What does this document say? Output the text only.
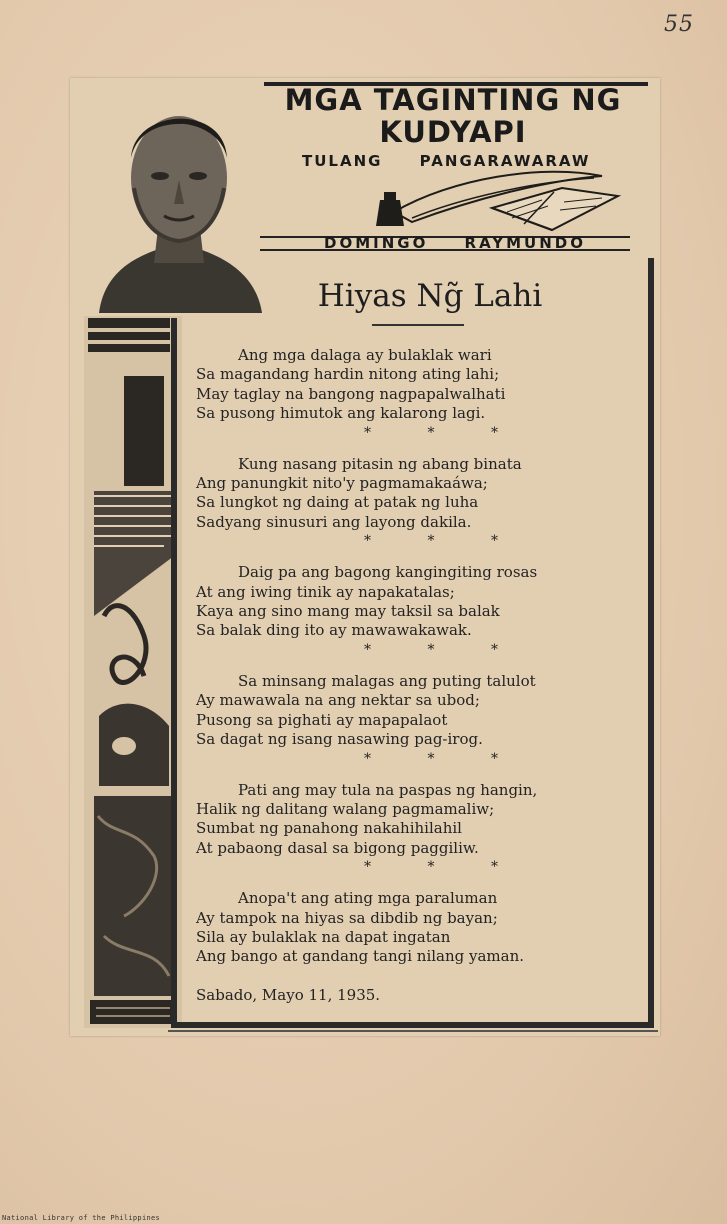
55
MGA TAGINTING NG
KUDYAPI
TULANG PANGARAWARAW
DOMINGO RAYMUNDO
Hiyas Ng̃ Lahi
Ang mga dalaga ay bulaklak wari
Sa magandang hardin nitong ating lahi;
May taglay na bangong nagpapalwalhati
Sa pusong himutok ang kalarong lagi.
* * *
Kung nasang pitasin ng abang binata
Ang panungkit nito'y pagmamakaáwa;
Sa lungkot ng daing at patak ng luha
Sadyang sinusuri ang layong dakila.
* * *
Daig pa ang bagong kangingiting rosas
At ang iwing tinik ay napakatalas;
Kaya ang sino mang may taksil sa balak
Sa balak ding ito ay mawawakawak.
* * *
Sa minsang malagas ang puting talulot
Ay mawawala na ang nektar sa ubod;
Pusong sa pighati ay mapapalaot
Sa dagat ng isang nasawing pag-irog.
* * *
Pati ang may tula na paspas ng hangin,
Halik ng dalitang walang pagmamaliw;
Sumbat ng panahong nakahihilahil
At pabaong dasal sa bigong paggiliw.
* * *
Anopa't ang ating mga paraluman
Ay tampok na hiyas sa dibdib ng bayan;
Sila ay bulaklak na dapat ingatan
Ang bango at gandang tangi nilang yaman.
Sabado, Mayo 11, 1935.
National Library of the Philippines
